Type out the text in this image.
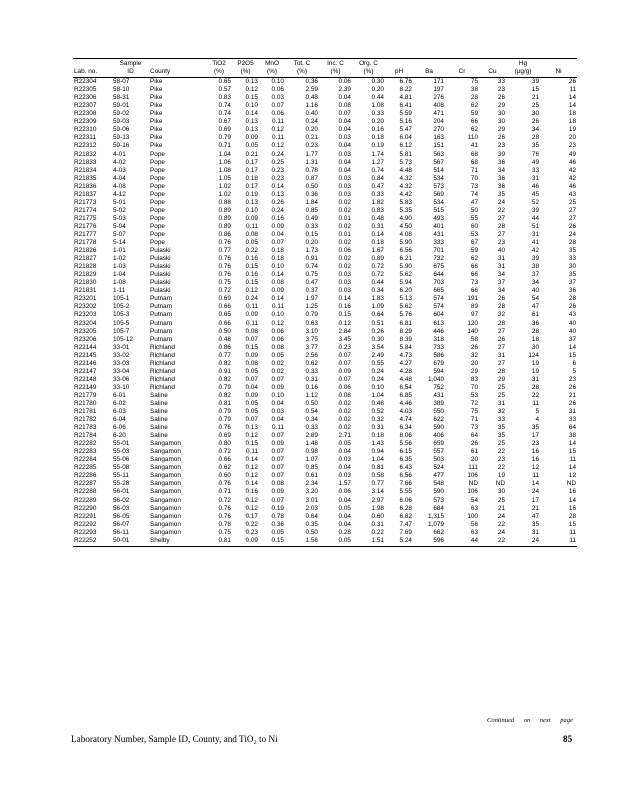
	Sample		TiO2	P2O5	MnO	Tot. C	Inc. C	Org. C					Hg	
Lab. no.	ID	County	(%)	(%)	(%)	(%)	(%)	(%)	pH	Ba	Cr	Cu	(µg/g)	Ni
R22304	58-07	Pike	0.65	0.13	0.10	0.36	0.06	0.30	6.76	171	75	33	39	26
R22305	58-10	Pike	0.57	0.12	0.06	2.59	2.39	0.20	8.22	197	38	23	15	11
R22306	58-31	Pike	0.83	0.15	0.03	0.48	0.04	0.44	4.81	276	28	26	21	14
R22307	59-01	Pike	0.74	0.10	0.07	1.16	0.08	1.08	6.41	408	62	29	25	14
R22308	59-02	Pike	0.74	0.14	0.06	0.40	0.07	0.33	5.59	471	59	30	30	18
R22309	59-03	Pike	0.67	0.13	0.11	0.24	0.04	0.20	5.16	204	66	30	26	18
R22310	59-06	Pike	0.69	0.13	0.12	0.20	0.04	0.16	5.47	270	62	29	34	19
R22311	59-13	Pike	0.79	0.09	0.11	0.21	0.03	0.18	6.04	163	110	26	28	20
R22312	59-16	Pike	0.71	0.05	0.12	0.23	0.04	0.19	6.12	151	41	23	35	23
R21832	4-01	Pope	1.04	0.21	0.24	1.77	0.03	1.74	5.81	563	68	39	76	49
R21833	4-02	Pope	1.06	0.17	0.25	1.31	0.04	1.27	5.73	567	68	36	49	46
R21834	4-03	Pope	1.08	0.17	0.23	0.78	0.04	0.74	4.48	514	71	34	33	42
R21835	4-04	Pope	1.05	0.18	0.23	0.87	0.03	0.84	4.32	534	70	36	31	42
R21836	4-08	Pope	1.02	0.17	0.14	0.50	0.03	0.47	4.32	573	73	36	46	46
R21837	4-12	Pope	1.02	0.19	0.13	0.36	0.03	0.33	4.42	569	74	35	45	43
R21773	5-01	Pope	0.88	0.13	0.26	1.84	0.02	1.82	5.83	534	47	24	52	25
R21774	5-02	Pope	0.89	0.10	0.24	0.85	0.02	0.83	5.35	515	50	22	39	27
R21775	5-03	Pope	0.89	0.09	0.16	0.49	0.01	0.48	4.90	493	55	27	44	27
R21776	5-04	Pope	0.89	0.11	0.09	0.33	0.02	0.31	4.50	401	60	28	51	26
R21777	5-07	Pope	0.86	0.08	0.04	0.15	0.01	0.14	4.08	431	53	27	31	24
R21778	5-14	Pope	0.76	0.05	0.07	0.20	0.02	0.18	5.90	333	67	23	41	28
R21826	1-01	Pulaski	0.77	0.22	0.18	1.73	0.06	1.67	6.56	701	59	40	42	35
R21827	1-02	Pulaski	0.76	0.16	0.18	0.91	0.02	0.89	6.21	732	62	31	39	33
R21828	1-03	Pulaski	0.76	0.15	0.10	0.74	0.02	0.72	5.90	675	66	31	38	30
R21829	1-04	Pulaski	0.76	0.16	0.14	0.75	0.03	0.72	5.62	644	66	34	37	35
R21830	1-08	Pulaski	0.75	0.15	0.08	0.47	0.03	0.44	5.94	703	73	37	34	37
R21831	1-11	Pulaski	0.72	0.12	0.09	0.37	0.03	0.34	6.20	665	66	34	40	36
R23201	105-1	Putnam	0.69	0.24	0.14	1.97	0.14	1.83	5.13	574	191	26	54	28
R23202	105-2	Putnam	0.66	0.11	0.11	1.25	0.16	1.09	5.62	574	89	28	47	26
R23203	105-3	Putnam	0.65	0.09	0.10	0.79	0.15	0.64	5.76	604	97	32	61	43
R23204	105-5	Putnam	0.66	0.11	0.12	0.63	0.12	0.51	6.81	613	120	28	36	40
R23205	105-7	Putnam	0.50	0.08	0.06	3.10	2.84	0.26	8.29	446	140	27	28	40
R23206	105-12	Putnam	0.48	0.07	0.06	3.75	3.45	0.30	8.39	318	58	26	18	37
R22144	33-01	Richland	0.86	0.15	0.08	3.77	0.23	3.54	5.84	733	26	27	30	14
R22145	33-02	Richland	0.77	0.09	0.05	2.56	0.07	2.49	4.73	586	32	31	124	15
R22146	33-03	Richland	0.82	0.08	0.02	0.62	0.07	0.55	4.27	679	20	27	19	6
R22147	33-04	Richland	0.91	0.05	0.02	0.33	0.09	0.24	4.28	594	29	28	19	5
R22148	33-06	Richland	0.82	0.07	0.07	0.31	0.07	0.24	4.48	1,040	83	29	31	23
R22149	33-10	Richland	0.79	0.04	0.09	0.16	0.06	0.10	6.54	752	70	25	28	26
R21779	6-01	Saline	0.82	0.09	0.10	1.12	0.08	1.04	6.85	431	53	25	22	21
R21780	6-02	Saline	0.81	0.05	0.04	0.50	0.02	0.48	4.46	389	72	31	11	26
R21781	6-03	Saline	0.79	0.05	0.03	0.54	0.02	0.52	4.03	550	75	32	5	31
R21782	6-04	Saline	0.79	0.07	0.04	0.34	0.02	0.32	4.74	622	71	33	4	33
R21783	6-06	Saline	0.76	0.13	0.11	0.33	0.02	0.31	6.34	590	73	35	35	64
R21784	6-20	Saline	0.69	0.12	0.07	2.89	2.71	0.18	8.06	406	64	35	17	38
R22282	55-01	Sangamon	0.80	0.15	0.09	1.48	0.05	1.43	5.56	659	26	25	23	14
R22283	55-03	Sangamon	0.72	0.11	0.07	0.98	0.04	0.94	6.15	557	61	22	16	15
R22284	55-06	Sangamon	0.66	0.14	0.07	1.07	0.03	1.04	6.35	503	20	23	16	11
R22285	55-08	Sangamon	0.62	0.12	0.07	0.85	0.04	0.81	6.43	524	111	22	12	14
R22286	55-11	Sangamon	0.60	0.12	0.07	0.61	0.03	0.58	6.56	477	106	19	11	12
R22287	55-28	Sangamon	0.76	0.14	0.08	2.34	1.57	0.77	7.66	548	ND	ND	14	ND
R22288	56-01	Sangamon	0.71	0.16	0.09	3.20	0.06	3.14	5.55	590	106	30	24	16
R22289	56-02	Sangamon	0.72	0.12	0.07	3.01	0.04	2.97	6.06	573	54	25	17	14
R22290	56-03	Sangamon	0.76	0.12	0.19	2.03	0.05	1.98	6.28	684	63	21	21	16
R22291	56-05	Sangamon	0.76	0.17	0.78	0.64	0.04	0.60	6.82	1,315	100	24	47	28
R22292	56-07	Sangamon	0.78	0.22	0.36	0.35	0.04	0.31	7.47	1,079	56	22	35	15
R22293	56-11	Sangamon	0.75	0.23	0.05	0.50	0.28	0.22	7.69	662	63	24	31	11
R22252	50-01	Shelby	0.81	0.09	0.15	1.56	0.05	1.51	5.24	596	44	22	24	11
Continued on next page
Laboratory Number, Sample ID, County, and TiO₂ to Ni	85
